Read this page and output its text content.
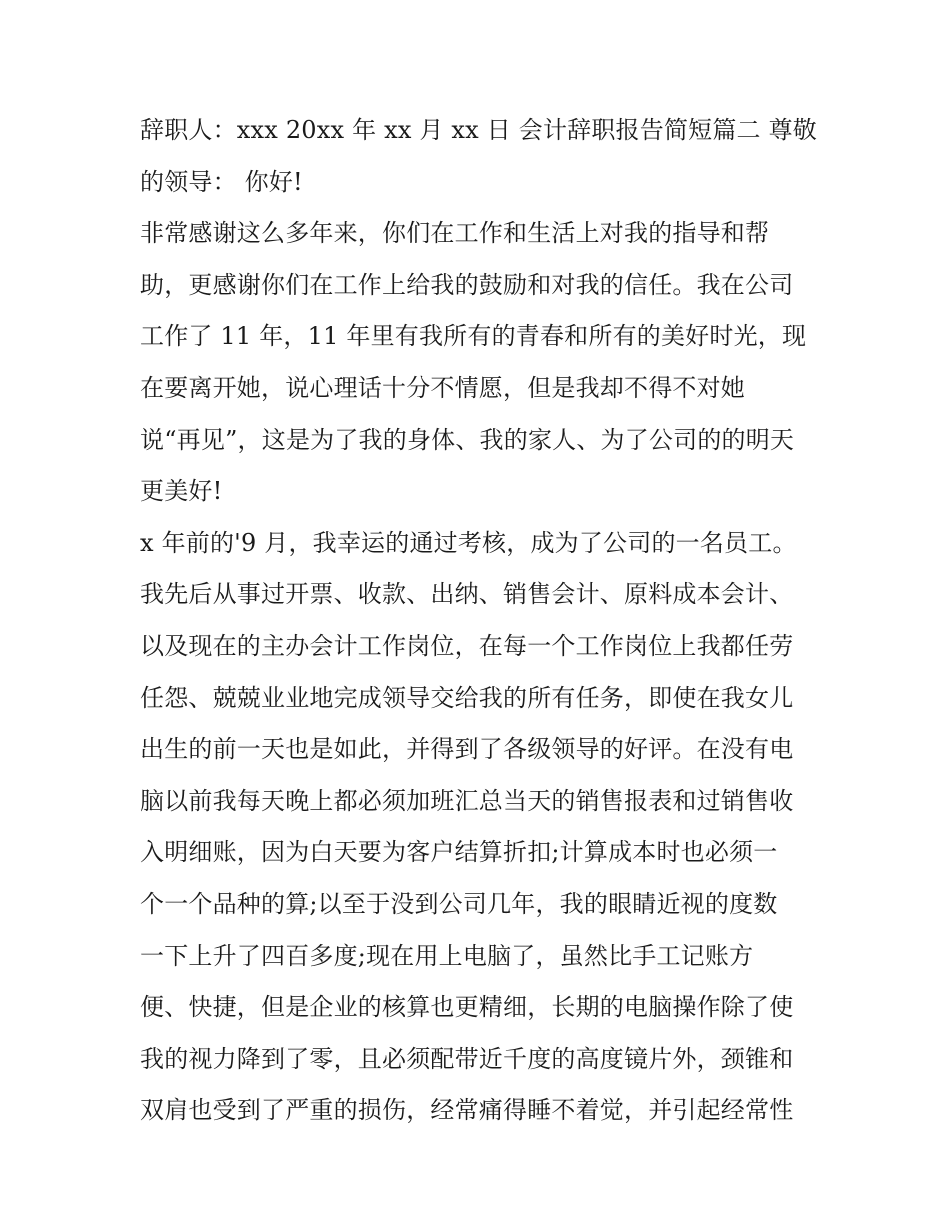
辞职人：xxx 20xx 年 xx 月 xx 日 会计辞职报告简短篇二 尊敬
的领导： 你好!
非常感谢这么多年来，你们在工作和生活上对我的指导和帮
助，更感谢你们在工作上给我的鼓励和对我的信任。我在公司
工作了 11 年，11 年里有我所有的青春和所有的美好时光，现
在要离开她，说心理话十分不情愿，但是我却不得不对她
说“再见”，这是为了我的身体、我的家人、为了公司的的明天
更美好!
x 年前的'9 月，我幸运的通过考核，成为了公司的一名员工。
我先后从事过开票、收款、出纳、销售会计、原料成本会计、
以及现在的主办会计工作岗位，在每一个工作岗位上我都任劳
任怨、兢兢业业地完成领导交给我的所有任务，即使在我女儿
出生的前一天也是如此，并得到了各级领导的好评。在没有电
脑以前我每天晚上都必须加班汇总当天的销售报表和过销售收
入明细账，因为白天要为客户结算折扣;计算成本时也必须一
个一个品种的算;以至于没到公司几年，我的眼睛近视的度数
一下上升了四百多度;现在用上电脑了，虽然比手工记账方
便、快捷，但是企业的核算也更精细，长期的电脑操作除了使
我的视力降到了零，且必须配带近千度的高度镜片外，颈锥和
双肩也受到了严重的损伤，经常痛得睡不着觉，并引起经常性
